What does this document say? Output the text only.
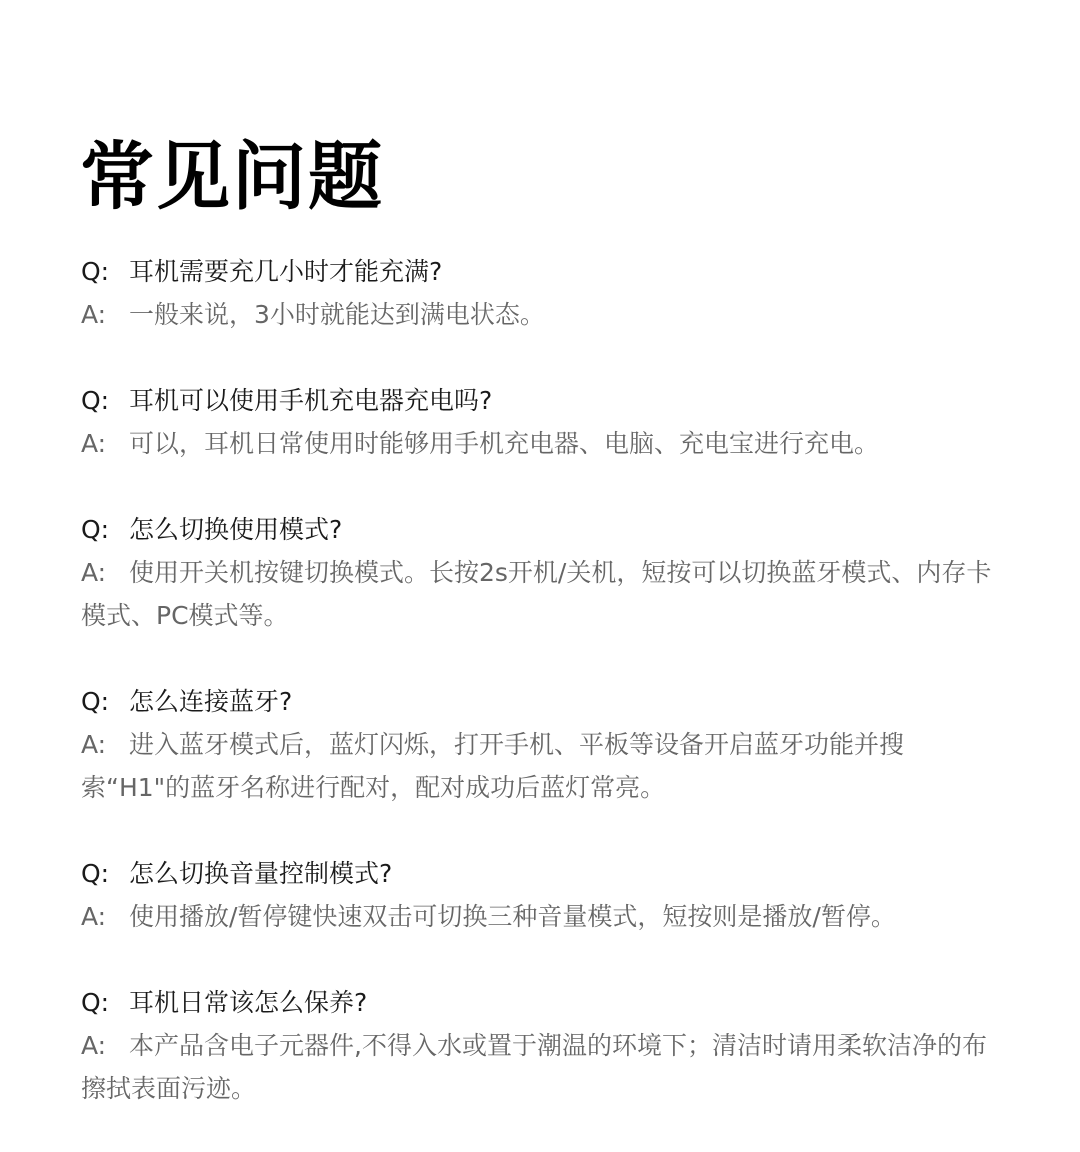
常见问题

Q: 耳机需要充几小时才能充满?

A: 一般来说，3小时就能达到满电状态。

Q: 耳机可以使用手机充电器充电吗?

A: 可以，耳机日常使用时能够用手机充电器、电脑、充电宝进行充电。

Q: 怎么切换使用模式?

A: 使用开关机按键切换模式。长按2s开机/关机，短按可以切换蓝牙模式、内存卡模式、PC模式等。

Q: 怎么连接蓝牙?

A: 进入蓝牙模式后，蓝灯闪烁，打开手机、平板等设备开启蓝牙功能并搜索“H1"的蓝牙名称进行配对，配对成功后蓝灯常亮。

Q: 怎么切换音量控制模式?

A: 使用播放/暂停键快速双击可切换三种音量模式，短按则是播放/暂停。

Q: 耳机日常该怎么保养?

A: 本产品含电子元器件,不得入水或置于潮温的环境下；清洁时请用柔软洁净的布擦拭表面污迹。
